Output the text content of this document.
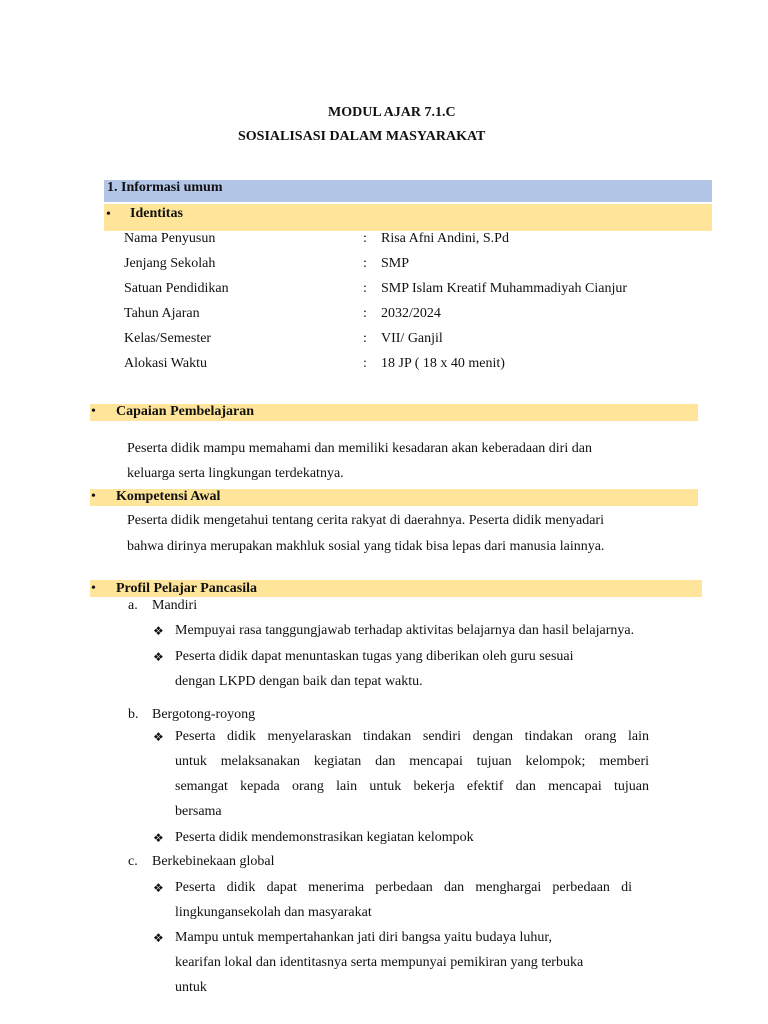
MODUL AJAR 7.1.C
SOSIALISASI DALAM MASYARAKAT
1. Informasi umum
• Identitas
Nama Penyusun	: Risa Afni Andini, S.Pd
Jenjang Sekolah	: SMP
Satuan Pendidikan	: SMP Islam Kreatif Muhammadiyah Cianjur
Tahun Ajaran	: 2032/2024
Kelas/Semester	: VII/ Ganjil
Alokasi Waktu	: 18 JP ( 18 x 40 menit)
• Capaian Pembelajaran
Peserta didik mampu memahami dan memiliki kesadaran akan keberadaan diri dan
keluarga serta lingkungan terdekatnya.
• Kompetensi Awal
Peserta didik mengetahui tentang cerita rakyat di daerahnya. Peserta didik menyadari
bahwa dirinya merupakan makhluk sosial yang tidak bisa lepas dari manusia lainnya.
• Profil Pelajar Pancasila
a. Mandiri
❖ Mempuyai rasa tanggungjawab terhadap aktivitas belajarnya dan hasil belajarnya.
❖ Peserta didik dapat menuntaskan tugas yang diberikan oleh guru sesuai
dengan LKPD dengan baik dan tepat waktu.
b. Bergotong-royong
❖ Peserta didik menyelaraskan tindakan sendiri dengan tindakan orang lain
untuk melaksanakan kegiatan dan mencapai tujuan kelompok; memberi
semangat kepada orang lain untuk bekerja efektif dan mencapai tujuan
bersama
❖ Peserta didik mendemonstrasikan kegiatan kelompok
c. Berkebinekaan global
❖ Peserta didik dapat menerima perbedaan dan menghargai perbedaan di
lingkungansekolah dan masyarakat
❖ Mampu untuk mempertahankan jati diri bangsa yaitu budaya luhur,
kearifan lokal dan identitasnya serta mempunyai pemikiran yang terbuka
untuk
